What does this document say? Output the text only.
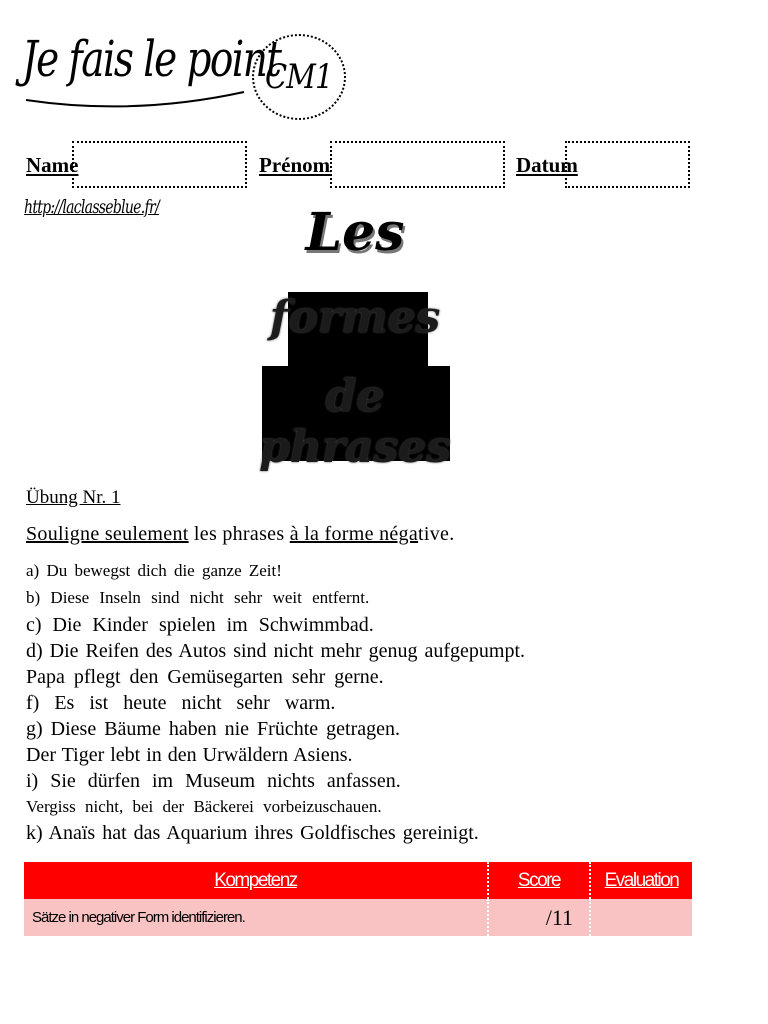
Je fais le point
CM1
Name	Prénom	Datum
http://laclasseblue.fr/	Les
formes
de phrases
Übung Nr. 1
Souligne seulement les phrases à la forme négative.
a) Du bewegst dich die ganze Zeit!
b) Diese Inseln sind nicht sehr weit entfernt.
c) Die Kinder spielen im Schwimmbad.
d) Die Reifen des Autos sind nicht mehr genug aufgepumpt.
Papa pflegt den Gemüsegarten sehr gerne.
f) Es ist heute nicht sehr warm.
g) Diese Bäume haben nie Früchte getragen.
Der Tiger lebt in den Urwäldern Asiens.
i) Sie dürfen im Museum nichts anfassen.
Vergiss nicht, bei der Bäckerei vorbeizuschauen.
k) Anaïs hat das Aquarium ihres Goldfisches gereinigt.
Kompetenz	Score	Evaluation
Sätze in negativer Form identifizieren.	/11	
